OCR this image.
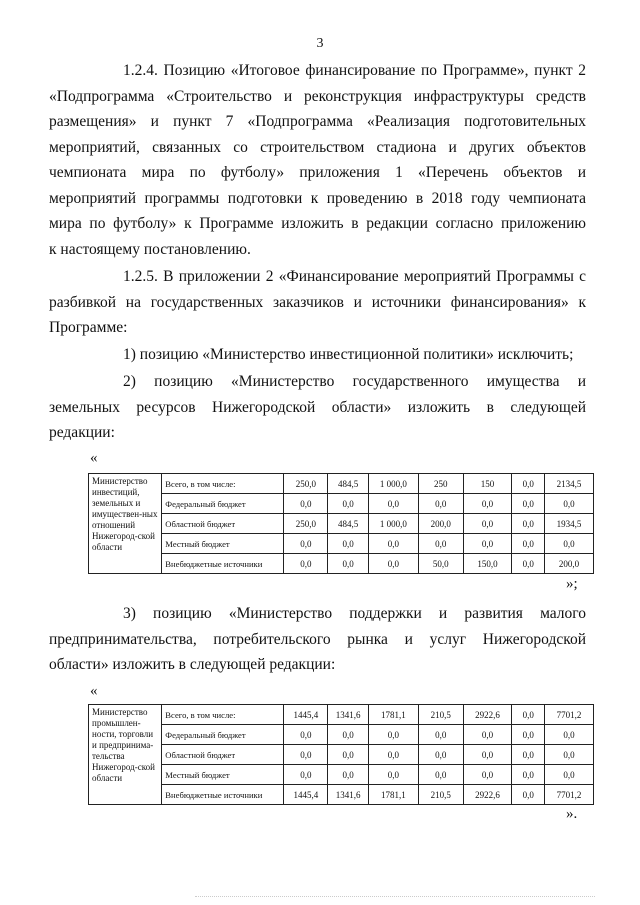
3
1.2.4. Позицию «Итоговое финансирование по Программе», пункт 2
«Подпрограмма «Строительство и реконструкция инфраструктуры средств
размещения» и пункт 7 «Подпрограмма «Реализация подготовительных
мероприятий, связанных со строительством стадиона и других объектов
чемпионата мира по футболу» приложения 1 «Перечень объектов и
мероприятий программы подготовки к проведению в 2018 году чемпионата
мира по футболу» к Программе изложить в редакции согласно приложению
к настоящему постановлению.
1.2.5. В приложении 2 «Финансирование мероприятий Программы с
разбивкой на государственных заказчиков и источники финансирования» к
Программе:
1) позицию «Министерство инвестиционной политики» исключить;
2) позицию «Министерство государственного имущества и
земельных ресурсов Нижегородской области» изложить в следующей
редакции:
«
Министерство инвестиций, земельных и имуществен-ных отношений Нижегород-ской области	Всего, в том числе:	250,0	484,5	1 000,0	250	150	0,0	2134,5
	Федеральный бюджет	0,0	0,0	0,0	0,0	0,0	0,0	0,0
	Областной бюджет	250,0	484,5	1 000,0	200,0	0,0	0,0	1934,5
	Местный бюджет	0,0	0,0	0,0	0,0	0,0	0,0	0,0
	Внебюджетные источники	0,0	0,0	0,0	50,0	150,0	0,0	200,0
»;
3) позицию «Министерство поддержки и развития малого
предпринимательства, потребительского рынка и услуг Нижегородской
области» изложить в следующей редакции:
«
Министерство промышлен-ности, торговли и предпринима-тельства Нижегород-ской области	Всего, в том числе:	1445,4	1341,6	1781,1	210,5	2922,6	0,0	7701,2
	Федеральный бюджет	0,0	0,0	0,0	0,0	0,0	0,0	0,0
	Областной бюджет	0,0	0,0	0,0	0,0	0,0	0,0	0,0
	Местный бюджет	0,0	0,0	0,0	0,0	0,0	0,0	0,0
	Внебюджетные источники	1445,4	1341,6	1781,1	210,5	2922,6	0,0	7701,2
».
